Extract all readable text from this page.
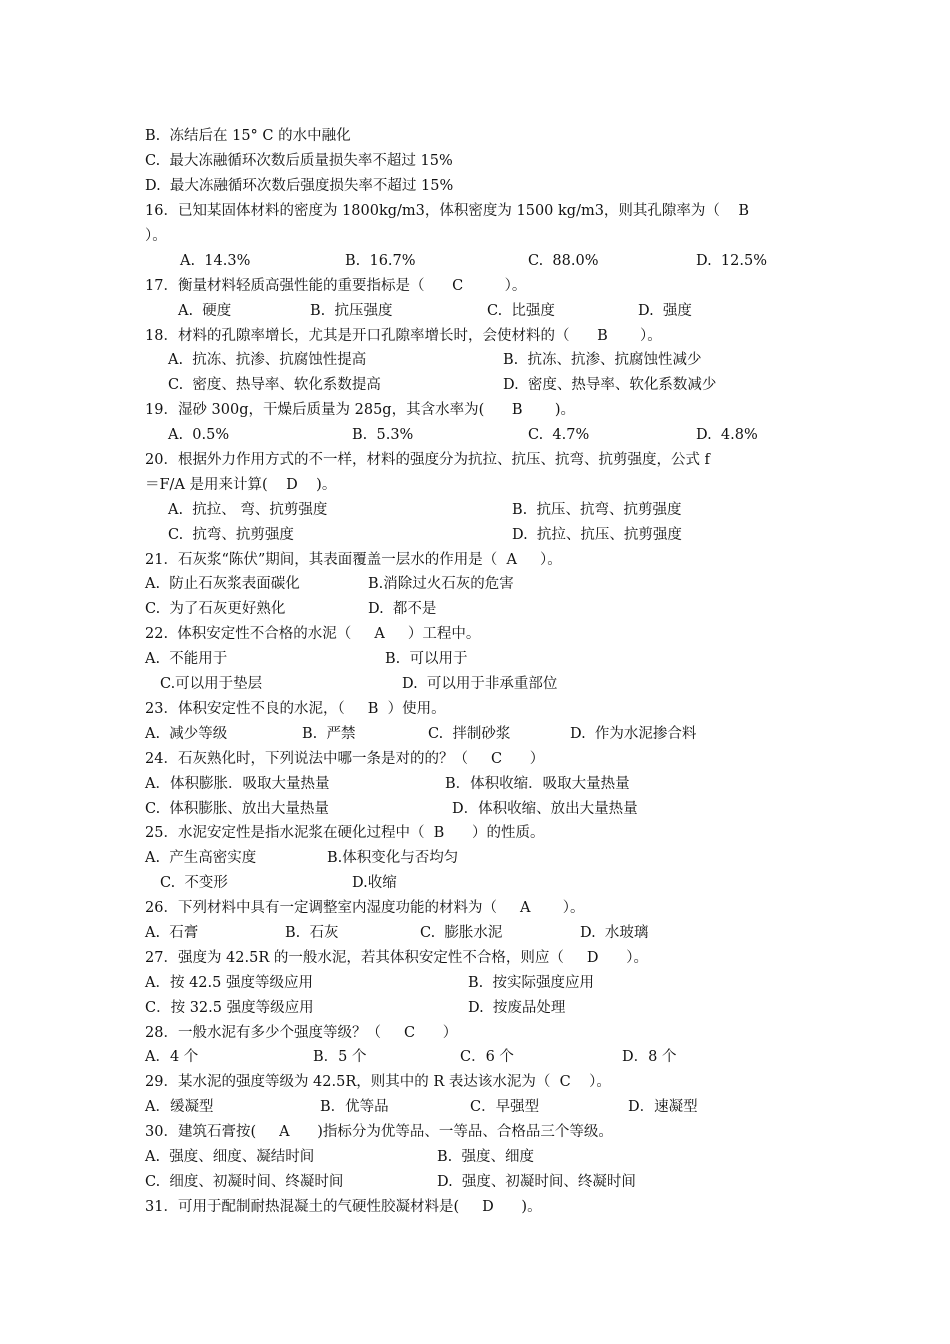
B.  冻结后在 15° C 的水中融化
C.  最大冻融循环次数后质量损失率不超过 15%
D.  最大冻融循环次数后强度损失率不超过 15%
16．已知某固体材料的密度为 1800kg/m3，体积密度为 1500 kg/m3，则其孔隙率为（    B
）。
A.  14.3%	B.  16.7%	C.  88.0%	D.  12.5%
17．衡量材料轻质高强性能的重要指标是（      C         ）。
A.  硬度	B.  抗压强度	C.  比强度	D.  强度
18．材料的孔隙率增长，尤其是开口孔隙率增长时，会使材料的（      B       ）。
A.  抗冻、抗渗、抗腐蚀性提高	B.  抗冻、抗渗、抗腐蚀性减少
C.  密度、热导率、软化系数提高	D.  密度、热导率、软化系数减少
19．湿砂 300g，干燥后质量为 285g，其含水率为(      B       )。
A.  0.5%	B.  5.3%	C.  4.7%	D.  4.8%
20．根据外力作用方式的不一样，材料的强度分为抗拉、抗压、抗弯、抗剪强度，公式 f
＝F/A 是用来计算(    D    )。
A.  抗拉、 弯、抗剪强度	B.  抗压、抗弯、抗剪强度
C.  抗弯、抗剪强度	D.  抗拉、抗压、抗剪强度
21．石灰浆“陈伏”期间，其表面覆盖一层水的作用是（  A     ）。
A.  防止石灰浆表面碳化	B.消除过火石灰的危害
C.  为了石灰更好熟化	D.  都不是
22.  体积安定性不合格的水泥（     A     ）工程中。
A.  不能用于	B.  可以用于
C.可以用于垫层	D.  可以用于非承重部位
23．体积安定性不良的水泥，（     B  ）使用。
A.  减少等级	B.  严禁	C.  拌制砂浆	D.  作为水泥掺合料
24．石灰熟化时，下列说法中哪一条是对的的？（     C      ）
A．体积膨胀．吸取大量热量	B．体积收缩．吸取大量热量
C.  体积膨胀、放出大量热量	D．体积收缩、放出大量热量
25．水泥安定性是指水泥浆在硬化过程中（  B      ）的性质。
A.  产生高密实度	B.体积变化与否均匀
C.  不变形	D.收缩
26．下列材料中具有一定调整室内湿度功能的材料为（     A       ）。
A.  石膏	B.  石灰	C.  膨胀水泥	D.  水玻璃
27．强度为 42.5R 的一般水泥，若其体积安定性不合格，则应（     D      ）。
A．按 42.5 强度等级应用	B.  按实际强度应用
C．按 32.5 强度等级应用	D.  按废品处理
28．一般水泥有多少个强度等级？（     C      ）
A．4 个	B．5 个	C．6 个	D．8 个
29．某水泥的强度等级为 42.5R，则其中的 R 表达该水泥为（  C    ）。
A．缓凝型	B．优等品	C．早强型	D．速凝型
30．建筑石膏按(     A      )指标分为优等品、一等品、合格品三个等级。
A.  强度、细度、凝结时间	B.  强度、细度
C.  细度、初凝时间、终凝时间	D.  强度、初凝时间、终凝时间
31．可用于配制耐热混凝土的气硬性胶凝材料是(     D      )。
